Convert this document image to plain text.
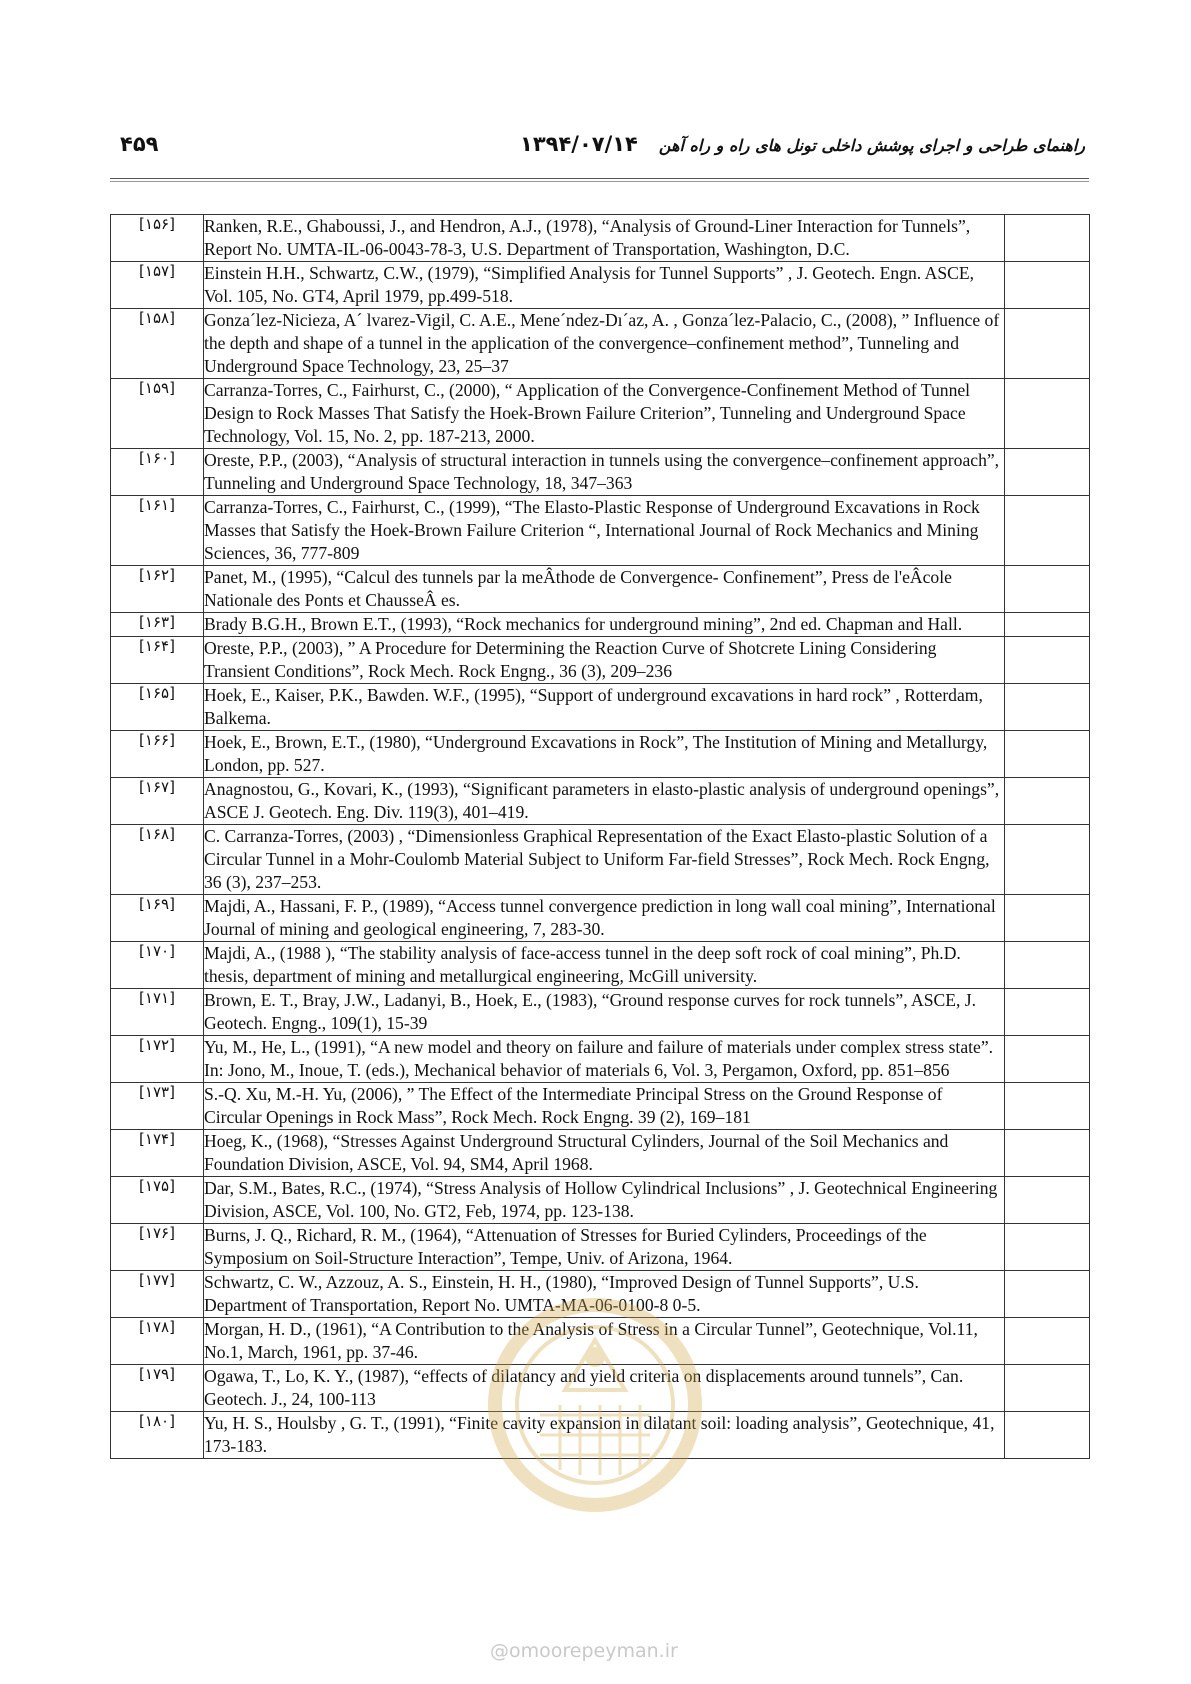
۴۵۹	۱۳۹۴/۰۷/۱۴ راهنمای طراحی و اجرای پوشش داخلی تونل های راه و راه آهن
[۱۵۶]	Ranken, R.E., Ghaboussi, J., and Hendron, A.J., (1978), “Analysis of Ground-Liner Interaction for Tunnels”, Report No. UMTA-IL-06-0043-78-3, U.S. Department of Transportation, Washington, D.C.	
[۱۵۷]	Einstein H.H., Schwartz, C.W., (1979), “Simplified Analysis for Tunnel Supports” , J. Geotech. Engn. ASCE, Vol. 105, No. GT4, April 1979, pp.499-518.	
[۱۵۸]	Gonza´lez-Nicieza, A´ lvarez-Vigil, C. A.E., Mene´ndez-Dı´az, A. , Gonza´lez-Palacio, C., (2008), ” Influence of the depth and shape of a tunnel in the application of the convergence–confinement method”, Tunneling and Underground Space Technology, 23, 25–37	
[۱۵۹]	Carranza-Torres, C., Fairhurst, C., (2000), “ Application of the Convergence-Confinement Method of Tunnel Design to Rock Masses That Satisfy the Hoek-Brown Failure Criterion”, Tunneling and Underground Space Technology, Vol. 15, No. 2, pp. 187-213, 2000.	
[۱۶۰]	Oreste, P.P., (2003), “Analysis of structural interaction in tunnels using the convergence–confinement approach”, Tunneling and Underground Space Technology, 18, 347–363	
[۱۶۱]	Carranza-Torres, C., Fairhurst, C., (1999), “The Elasto-Plastic Response of Underground Excavations in Rock Masses that Satisfy the Hoek-Brown Failure Criterion “, International Journal of Rock Mechanics and Mining Sciences, 36, 777-809	
[۱۶۲]	Panet, M., (1995), “Calcul des tunnels par la meÂthode de Convergence- Confinement”, Press de l'eÂcole Nationale des Ponts et ChausseÂ es.	
[۱۶۳]	Brady B.G.H., Brown E.T., (1993), “Rock mechanics for underground mining”, 2nd ed. Chapman and Hall.	
[۱۶۴]	Oreste, P.P., (2003), ” A Procedure for Determining the Reaction Curve of Shotcrete Lining Considering Transient Conditions”, Rock Mech. Rock Engng., 36 (3), 209–236	
[۱۶۵]	Hoek, E., Kaiser, P.K., Bawden. W.F., (1995), “Support of underground excavations in hard rock” , Rotterdam, Balkema.	
[۱۶۶]	Hoek, E., Brown, E.T., (1980), “Underground Excavations in Rock”, The Institution of Mining and Metallurgy, London, pp. 527.	
[۱۶۷]	Anagnostou, G., Kovari, K., (1993), “Significant parameters in elasto-plastic analysis of underground openings”, ASCE J. Geotech. Eng. Div. 119(3), 401–419.	
[۱۶۸]	C. Carranza-Torres, (2003) , “Dimensionless Graphical Representation of the Exact Elasto-plastic Solution of a Circular Tunnel in a Mohr-Coulomb Material Subject to Uniform Far-field Stresses”, Rock Mech. Rock Engng, 36 (3), 237–253.	
[۱۶۹]	Majdi, A., Hassani, F. P., (1989), “Access tunnel convergence prediction in long wall coal mining”, International Journal of mining and geological engineering, 7, 283-30.	
[۱۷۰]	Majdi, A., (1988 ), “The stability analysis of face-access tunnel in the deep soft rock of coal mining”, Ph.D. thesis, department of mining and metallurgical engineering, McGill university.	
[۱۷۱]	Brown, E. T., Bray, J.W., Ladanyi, B., Hoek, E., (1983), “Ground response curves for rock tunnels”, ASCE, J. Geotech. Engng., 109(1), 15-39	
[۱۷۲]	Yu, M., He, L., (1991), “A new model and theory on failure and failure of materials under complex stress state”. In: Jono, M., Inoue, T. (eds.), Mechanical behavior of materials 6, Vol. 3, Pergamon, Oxford, pp. 851–856	
[۱۷۳]	S.-Q. Xu, M.-H. Yu, (2006), ” The Effect of the Intermediate Principal Stress on the Ground Response of Circular Openings in Rock Mass”, Rock Mech. Rock Engng. 39 (2), 169–181	
[۱۷۴]	Hoeg, K., (1968), “Stresses Against Underground Structural Cylinders, Journal of the Soil Mechanics and Foundation Division, ASCE, Vol. 94, SM4, April 1968.	
[۱۷۵]	Dar, S.M., Bates, R.C., (1974), “Stress Analysis of Hollow Cylindrical Inclusions” , J. Geotechnical Engineering Division, ASCE, Vol. 100, No. GT2, Feb, 1974, pp. 123-138.	
[۱۷۶]	Burns, J. Q., Richard, R. M., (1964), “Attenuation of Stresses for Buried Cylinders, Proceedings of the Symposium on Soil-Structure Interaction”, Tempe, Univ. of Arizona, 1964.	
[۱۷۷]	Schwartz, C. W., Azzouz, A. S., Einstein, H. H., (1980), “Improved Design of Tunnel Supports”, U.S. Department of Transportation, Report No. UMTA-MA-06-0100-8 0-5.	
[۱۷۸]	Morgan, H. D., (1961), “A Contribution to the Analysis of Stress in a Circular Tunnel”, Geotechnique, Vol.11, No.1, March, 1961, pp. 37-46.	
[۱۷۹]	Ogawa, T., Lo, K. Y., (1987), “effects of dilatancy and yield criteria on displacements around tunnels”, Can. Geotech. J., 24, 100-113	
[۱۸۰]	Yu, H. S., Houlsby , G. T., (1991), “Finite cavity expansion in dilatant soil: loading analysis”, Geotechnique, 41, 173-183.	
@omoorepeyman.ir
